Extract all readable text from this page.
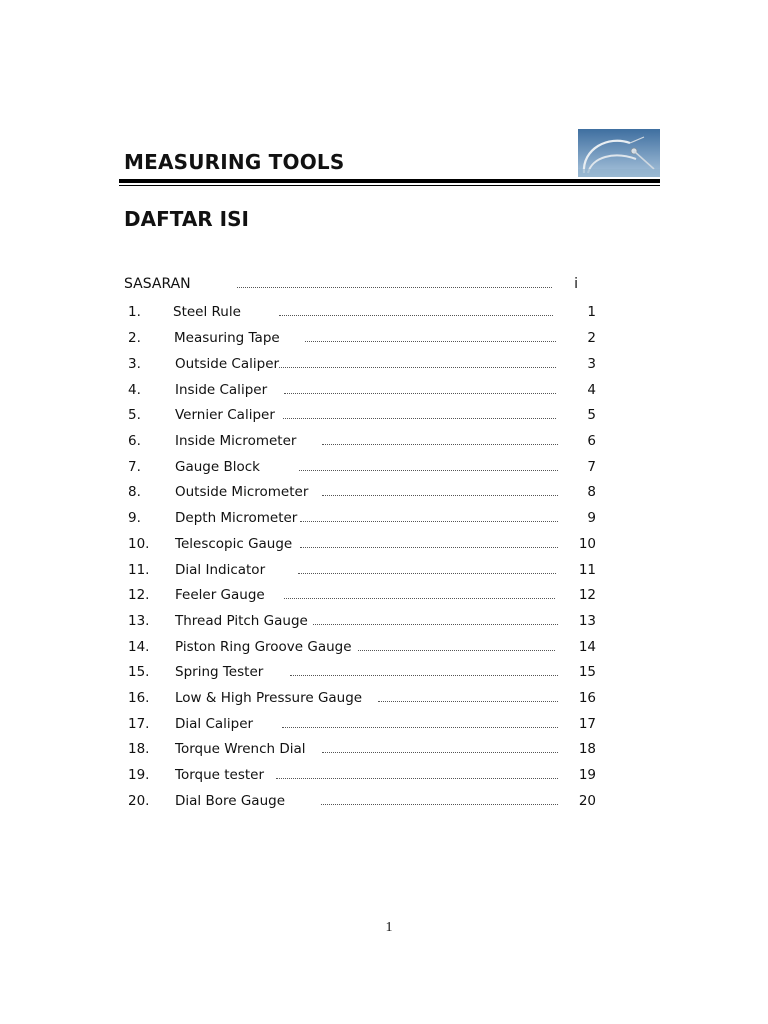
MEASURING TOOLS
DAFTAR ISI
SASARAN	i
1. Steel Rule	1
2. Measuring Tape	2
3.	Outside Caliper	3
4.	Inside Caliper	4
5.	Vernier Caliper	5
6.	Inside Micrometer	6
7.	Gauge Block	7
8.	Outside Micrometer	8
9.	Depth Micrometer	9
10. Telescopic Gauge	10
11. Dial Indicator	11
12. Feeler Gauge	12
13. Thread Pitch Gauge	13
14. Piston Ring Groove Gauge	14
15. Spring Tester	15
16. Low & High Pressure Gauge	16
17. Dial Caliper	17
18. Torque Wrench Dial	18
19. Torque tester	19
20. Dial Bore Gauge	20
1
